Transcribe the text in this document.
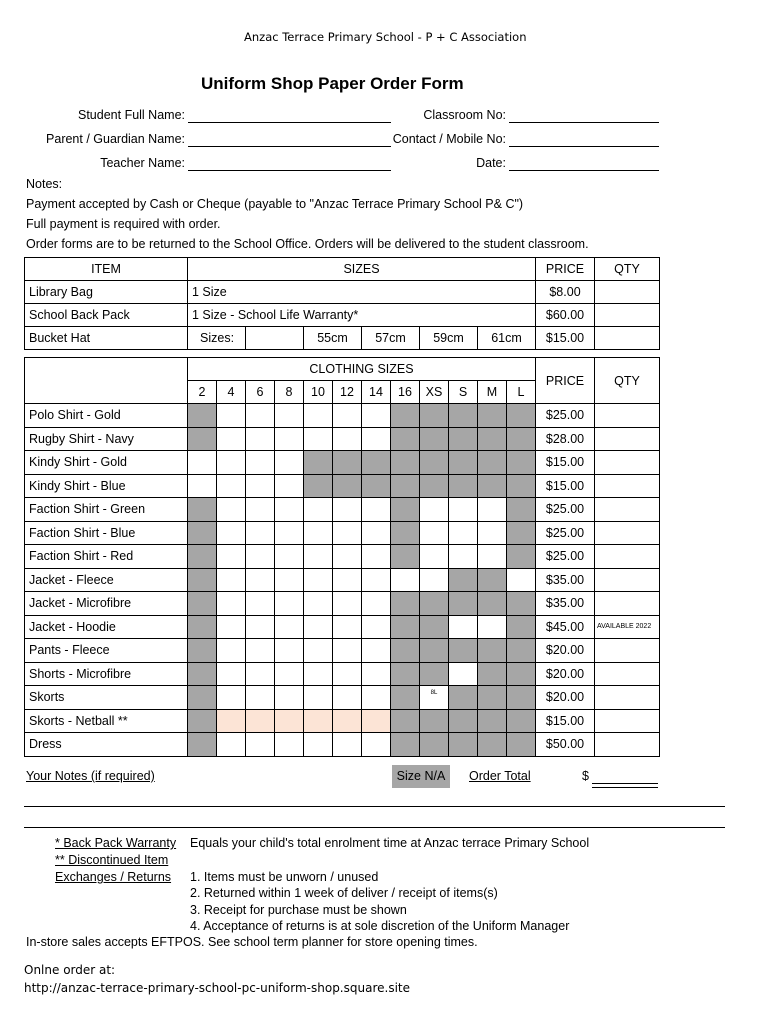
Anzac Terrace Primary School - P + C Association
Uniform Shop Paper Order Form
Student Full Name:	Classroom No:
Parent / Guardian Name:	Contact / Mobile No:
Teacher Name:	Date:
Notes:
Payment accepted by Cash or Cheque (payable to "Anzac Terrace Primary School P& C")
Full payment is required with order.
Order forms are to be returned to the School Office. Orders will be delivered to the student classroom.
ITEM	SIZES						PRICE	QTY
Library Bag	1 Size						$8.00	
School Back Pack	1 Size - School Life Warranty*						$60.00	
Bucket Hat	Sizes:		55cm	57cm	59cm	61cm	$15.00	
	CLOTHING SIZES												PRICE	QTY
	2	4	6	8	10	12	14	16	XS	S	M	L		
Polo Shirt - Gold													$25.00	
Rugby Shirt - Navy													$28.00	
Kindy Shirt - Gold													$15.00	
Kindy Shirt - Blue													$15.00	
Faction Shirt - Green													$25.00	
Faction Shirt - Blue													$25.00	
Faction Shirt - Red													$25.00	
Jacket - Fleece													$35.00	
Jacket - Microfibre													$35.00	
Jacket - Hoodie													$45.00	AVAILABLE 2022
Pants - Fleece													$20.00	
Shorts - Microfibre													$20.00	
Skorts									$^{8L}$				$20.00	
Skorts - Netball **													$15.00	
Dress													$50.00	
Your Notes (if required)	Size N/A	Order Total	$
* Back Pack Warranty Equals your child's total enrolment time at Anzac terrace Primary School
** Discontinued Item
Exchanges / Returns 1. Items must be unworn / unused
2. Returned within 1 week of deliver / receipt of items(s)
3. Receipt for purchase must be shown
4. Acceptance of returns is at sole discretion of the Uniform Manager
In-store sales accepts EFTPOS. See school term planner for store opening times.
Onlne order at:
http://anzac-terrace-primary-school-pc-uniform-shop.square.site
